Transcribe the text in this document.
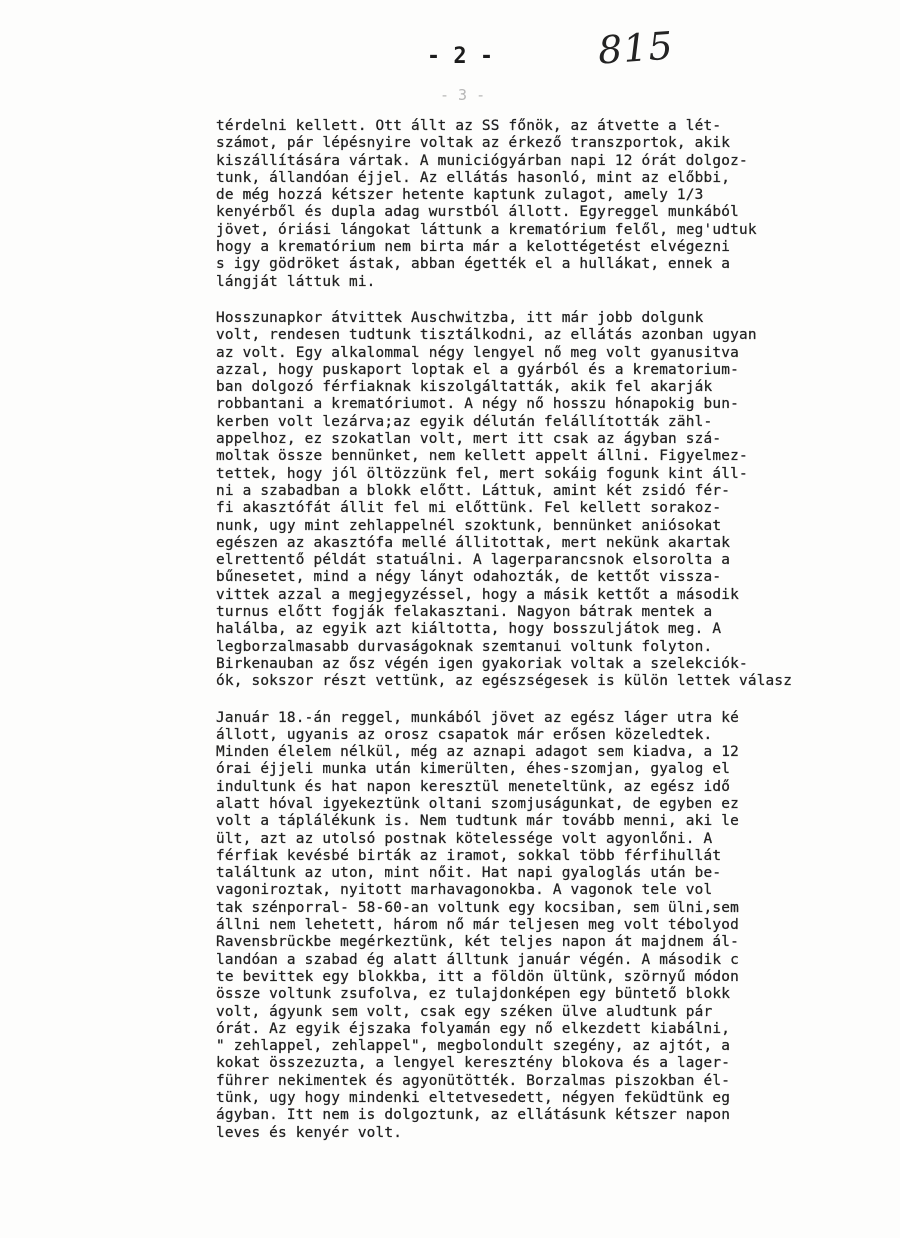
- 2 -	815
- 3 -
térdelni kellett. Ott állt az SS főnök, az átvette a lét-
számot, pár lépésnyire voltak az érkező transzportok, akik
kiszállítására vártak. A municiógyárban napi 12 órát dolgoz-
tunk, állandóan éjjel. Az ellátás hasonló, mint az előbbi,
de még hozzá kétszer hetente kaptunk zulagot, amely 1/3
kenyérből és dupla adag wurstból állott. Egyreggel munkából
jövet, óriási lángokat láttunk a krematórium felől, meg'udtuk
hogy a krematórium nem birta már a kelottégetést elvégezni
s igy gödröket ástak, abban égették el a hullákat, ennek a
lángját láttuk mi.
Hosszunapkor átvittek Auschwitzba, itt már jobb dolgunk
volt, rendesen tudtunk tisztálkodni, az ellátás azonban ugyan
az volt. Egy alkalommal négy lengyel nő meg volt gyanusitva
azzal, hogy puskaport loptak el a gyárból és a krematorium-
ban dolgozó férfiaknak kiszolgáltatták, akik fel akarják
robbantani a krematóriumot. A négy nő hosszu hónapokig bun-
kerben volt lezárva;az egyik délután felállították zähl-
appelhoz, ez szokatlan volt, mert itt csak az ágyban szá-
moltak össze bennünket, nem kellett appelt állni. Figyelmez-
tettek, hogy jól öltözzünk fel, mert sokáig fogunk kint áll-
ni a szabadban a blokk előtt. Láttuk, amint két zsidó fér-
fi akasztófát állit fel mi előttünk. Fel kellett sorakoz-
nunk, ugy mint zehlappelnél szoktunk, bennünket aniósokat
egészen az akasztófa mellé állitottak, mert nekünk akartak
elrettentő példát statuálni. A lagerparancsnok elsorolta a
bűnesetet, mind a négy lányt odahozták, de kettőt vissza-
vittek azzal a megjegyzéssel, hogy a másik kettőt a második
turnus előtt fogják felakasztani. Nagyon bátrak mentek a
halálba, az egyik azt kiáltotta, hogy bosszuljátok meg. A
legborzalmasabb durvaságoknak szemtanui voltunk folyton.
Birkenauban az ősz végén igen gyakoriak voltak a szelekciók-
ók, sokszor részt vettünk, az egészségesek is külön lettek válasz
Január 18.-án reggel, munkából jövet az egész láger utra ké
állott, ugyanis az orosz csapatok már erősen közeledtek.
Minden élelem nélkül, még az aznapi adagot sem kiadva, a 12
órai éjjeli munka után kimerülten, éhes-szomjan, gyalog el
indultunk és hat napon keresztül meneteltünk, az egész idő
alatt hóval igyekeztünk oltani szomjuságunkat, de egyben ez
volt a táplálékunk is. Nem tudtunk már tovább menni, aki le
ült, azt az utolsó postnak kötelessége volt agyonlőni. A
férfiak kevésbé birták az iramot, sokkal több férfihullát
találtunk az uton, mint nőit. Hat napi gyaloglás után be-
vagoniroztak, nyitott marhavagonokba. A vagonok tele vol
tak szénporral- 58-60-an voltunk egy kocsiban, sem ülni,sem
állni nem lehetett, három nő már teljesen meg volt tébolyod
Ravensbrückbe megérkeztünk, két teljes napon át majdnem ál-
landóan a szabad ég alatt álltunk január végén. A második c
te bevittek egy blokkba, itt a földön ültünk, szörnyű módon
össze voltunk zsufolva, ez tulajdonképen egy büntető blokk
volt, ágyunk sem volt, csak egy széken ülve aludtunk pár
órát. Az egyik éjszaka folyamán egy nő elkezdett kiabálni,
" zehlappel, zehlappel", megbolondult szegény, az ajtót, a
kokat összezuzta, a lengyel keresztény blokova és a lager-
führer nekimentek és agyonütötték. Borzalmas piszokban él-
tünk, ugy hogy mindenki eltetvesedett, négyen feküdtünk eg
ágyban. Itt nem is dolgoztunk, az ellátásunk kétszer napon
leves és kenyér volt.
